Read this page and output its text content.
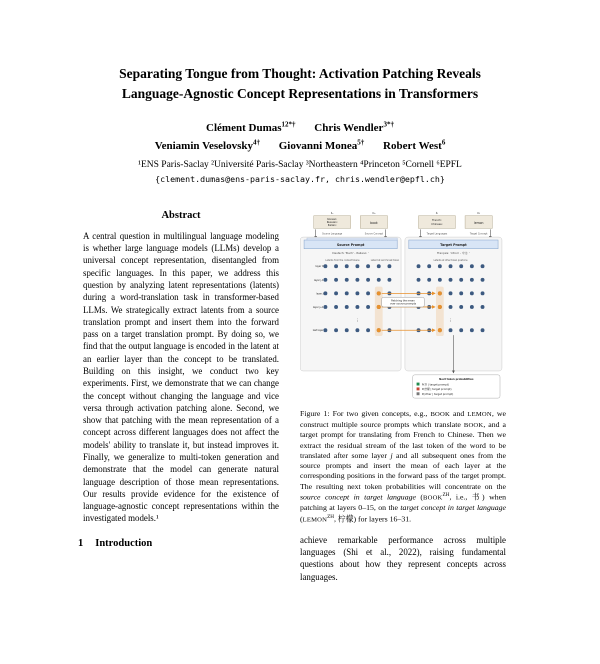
Separating Tongue from Thought: Activation Patching Reveals
Language-Agnostic Concept Representations in Transformers
Clément Dumas$^{12*\dagger}$ Chris Wendler$^{3*\dagger}$
Veniamin Veselovsky$^{4\dagger}$ Giovanni Monea$^{5\dagger}$ Robert West$^6$
¹ENS Paris-Saclay ²Université Paris-Saclay ³Northeastern ⁴Princeton ⁵Cornell ⁶EPFL
{clement.dumas@ens-paris-saclay.fr, chris.wendler@epfl.ch}
Abstract

A central question in multilingual language modeling is whether large language models (LLMs) develop a universal concept representation, disentangled from specific languages. In this paper, we address this question by analyzing latent representations (latents) during a word-translation task in transformer-based LLMs. We strategically extract latents from a source translation prompt and insert them into the forward pass on a target translation prompt. By doing so, we find that the output language is encoded in the latent at an earlier layer than the concept to be translated. Building on this insight, we conduct two key experiments. First, we demonstrate that we can change the concept without changing the language and vice versa through activation patching alone. Second, we show that patching with the mean representation of a concept across different languages does not affect the models' ability to translate it, but instead improves it. Finally, we generalize to multi-token generation and demonstrate that the model can generate natural language description of those mean representations. Our results provide evidence for the existence of language-agnostic concept representations within the investigated models.¹

1 Introduction
ℓₛ
Korean:
Russian:
Italian:
Source Language
Cₛ
book
Source Concept
ℓₜ
French:
Chinese:
Target Languages
Cₜ
lemon
Target Concept
Source Prompt
Deutsch: 'Buch' - Italiano: '
Latents from the context tokens	Latent at word's last token
⋮
layer 0
layer j-1
layer j
layer j+1
last layer
Target Prompt
Français: 'citron' - 中文: '
Latents at other token positions
⋮
Patching the mean
over source prompts
Next token probabilities
P(书 | target prompt)
P(柠檬 | target prompt)
P(other | target prompt)

Figure 1: For two given concepts, e.g., BOOK and LEMON, we construct multiple source prompts which translate BOOK, and a target prompt for translating from French to Chinese. Then we extract the residual stream of the last token of the word to be translated after some layer j and all subsequent ones from the source prompts and insert the mean of each layer at the corresponding positions in the forward pass of the target prompt. The resulting next token probabilities will concentrate on the source concept in target language ($BOOK^{ZH}$, i.e., 书) when patching at layers 0–15, on the target concept in target language ($LEMON^{ZH}$, 柠檬) for layers 16–31.

achieve remarkable performance across multiple languages (Shi et al., 2022), raising fundamental questions about how they represent concepts across languages.
